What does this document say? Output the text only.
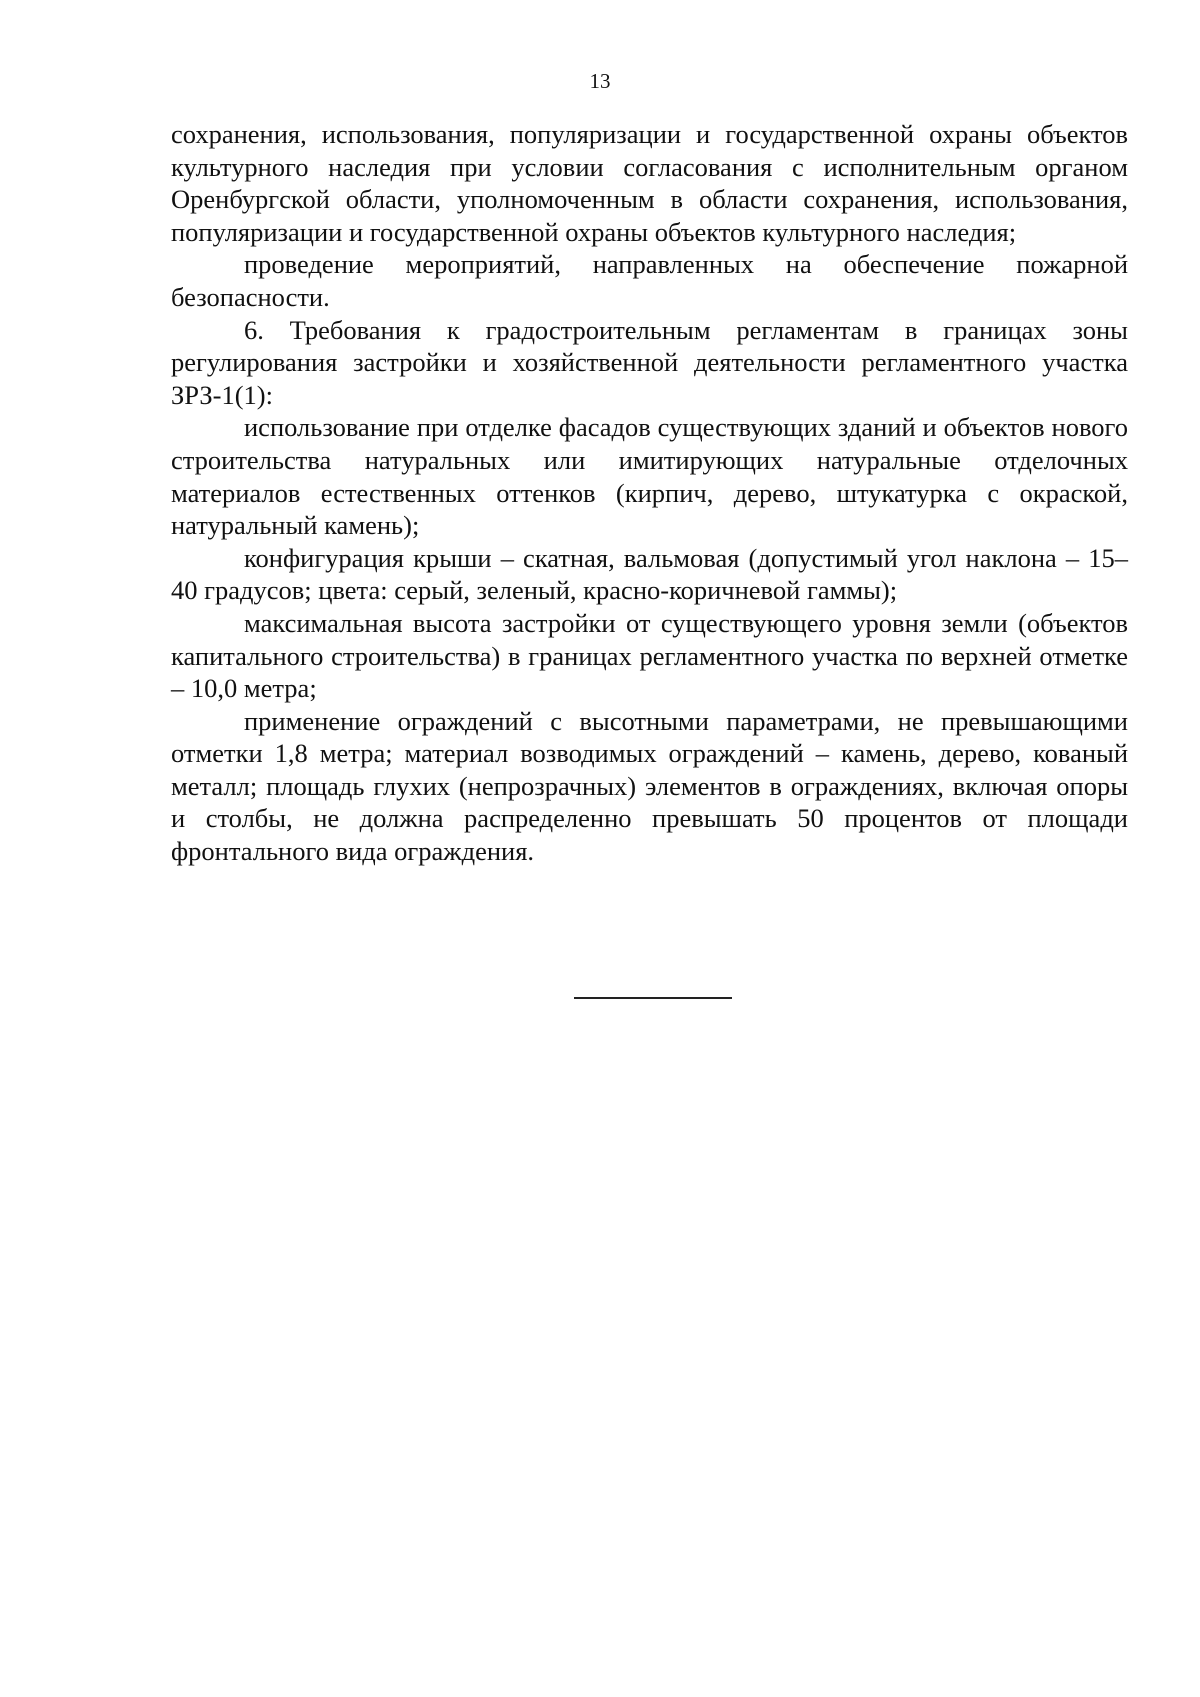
13

сохранения, использования, популяризации и государственной охраны объектов культурного наследия при условии согласования с исполнительным органом Оренбургской области, уполномоченным в области сохранения, использования, популяризации и государственной охраны объектов культурного наследия;

проведение мероприятий, направленных на обеспечение пожарной безопасности.

6. Требования к градостроительным регламентам в границах зоны регулирования застройки и хозяйственной деятельности регламентного участка ЗРЗ-1(1):

использование при отделке фасадов существующих зданий и объектов нового строительства натуральных или имитирующих натуральные отделочных материалов естественных оттенков (кирпич, дерево, штукатурка с окраской, натуральный камень);

конфигурация крыши – скатная, вальмовая (допустимый угол наклона – 15–40 градусов; цвета: серый, зеленый, красно-коричневой гаммы);

максимальная высота застройки от существующего уровня земли (объектов капитального строительства) в границах регламентного участка по верхней отметке – 10,0 метра;

применение ограждений с высотными параметрами, не превышающими отметки 1,8 метра; материал возводимых ограждений – камень, дерево, кованый металл; площадь глухих (непрозрачных) элементов в ограждениях, включая опоры и столбы, не должна распределенно превышать 50 процентов от площади фронтального вида ограждения.
